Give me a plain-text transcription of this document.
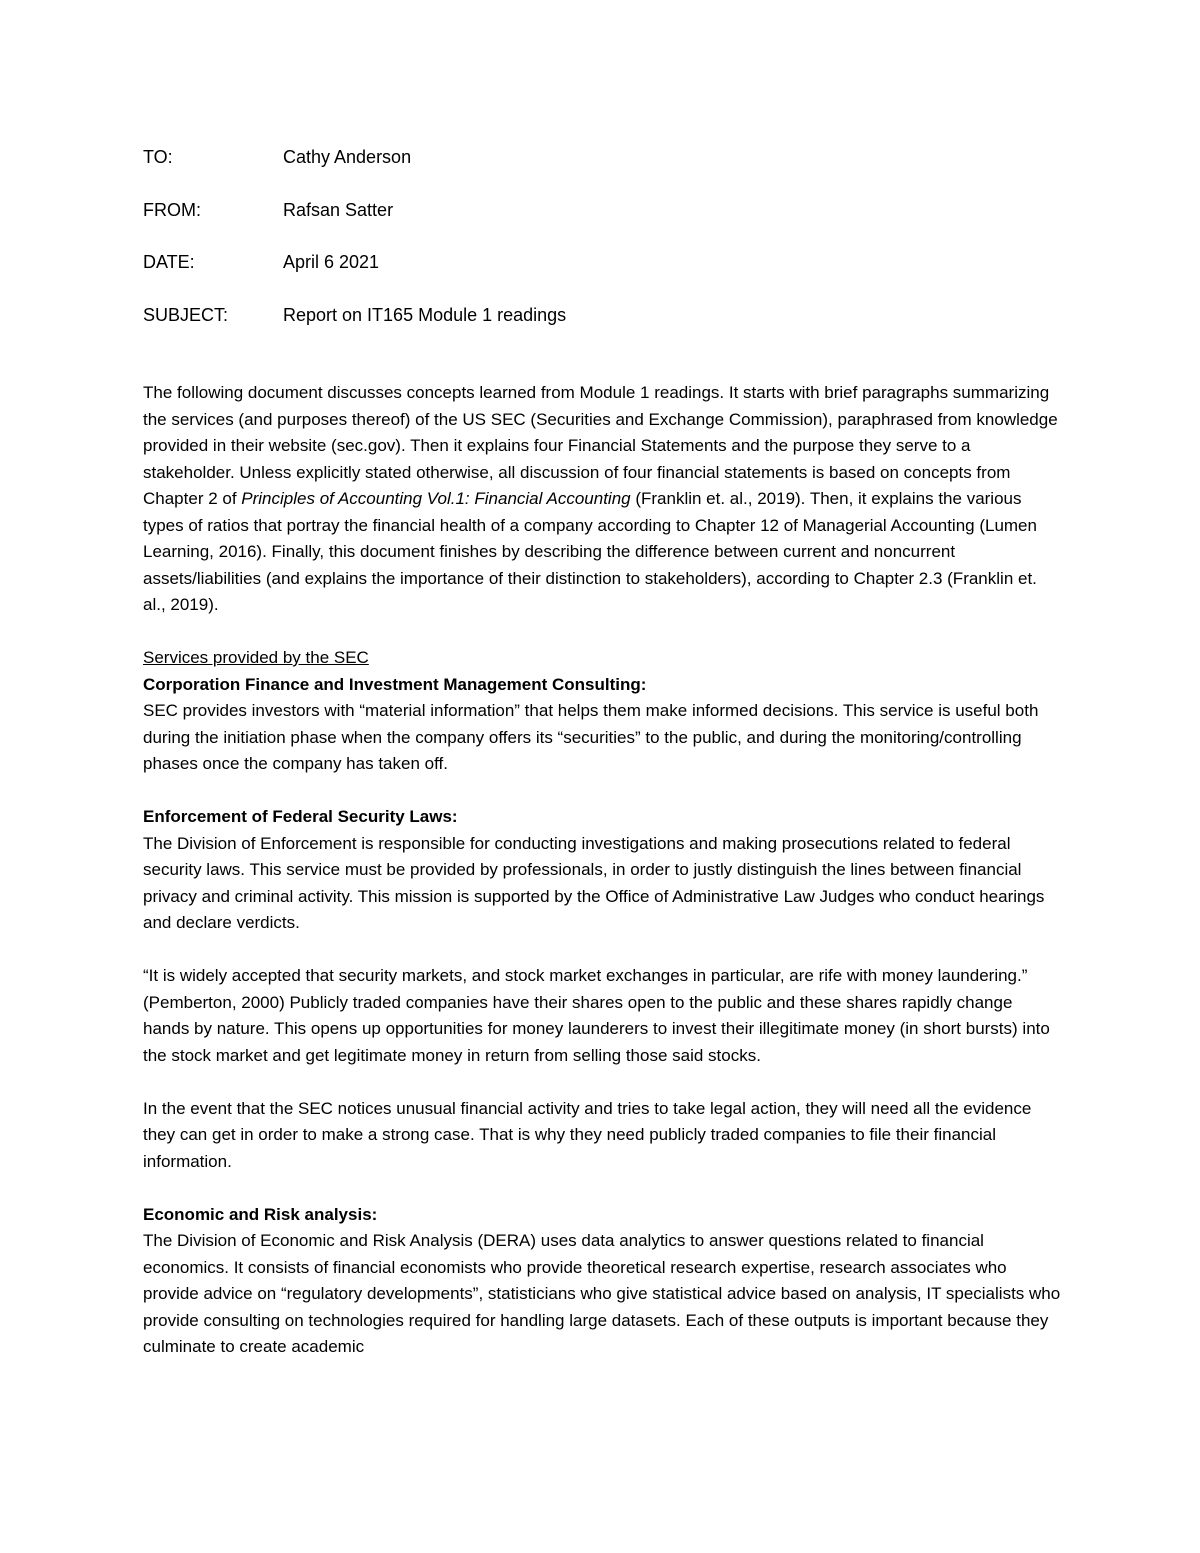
TO:	Cathy Anderson
FROM:	Rafsan Satter
DATE:	April 6 2021
SUBJECT:	Report on IT165 Module 1 readings

The following document discusses concepts learned from Module 1 readings. It starts with brief paragraphs summarizing the services (and purposes thereof) of the US SEC (Securities and Exchange Commission), paraphrased from knowledge provided in their website (sec.gov). Then it explains four Financial Statements and the purpose they serve to a stakeholder. Unless explicitly stated otherwise, all discussion of four financial statements is based on concepts from Chapter 2 of Principles of Accounting Vol.1: Financial Accounting (Franklin et. al., 2019). Then, it explains the various types of ratios that portray the financial health of a company according to Chapter 12 of Managerial Accounting (Lumen Learning, 2016). Finally, this document finishes by describing the difference between current and noncurrent assets/liabilities (and explains the importance of their distinction to stakeholders), according to Chapter 2.3 (Franklin et. al., 2019).

Services provided by the SEC
Corporation Finance and Investment Management Consulting:
SEC provides investors with “material information” that helps them make informed decisions. This service is useful both during the initiation phase when the company offers its “securities” to the public, and during the monitoring/controlling phases once the company has taken off.
Enforcement of Federal Security Laws:
The Division of Enforcement is responsible for conducting investigations and making prosecutions related to federal security laws. This service must be provided by professionals, in order to justly distinguish the lines between financial privacy and criminal activity. This mission is supported by the Office of Administrative Law Judges who conduct hearings and declare verdicts.

“It is widely accepted that security markets, and stock market exchanges in particular, are rife with money laundering.” (Pemberton, 2000) Publicly traded companies have their shares open to the public and these shares rapidly change hands by nature. This opens up opportunities for money launderers to invest their illegitimate money (in short bursts) into the stock market and get legitimate money in return from selling those said stocks.

In the event that the SEC notices unusual financial activity and tries to take legal action, they will need all the evidence they can get in order to make a strong case. That is why they need publicly traded companies to file their financial information.

Economic and Risk analysis:
The Division of Economic and Risk Analysis (DERA) uses data analytics to answer questions related to financial economics. It consists of financial economists who provide theoretical research expertise, research associates who provide advice on “regulatory developments”, statisticians who give statistical advice based on analysis, IT specialists who provide consulting on technologies required for handling large datasets. Each of these outputs is important because they culminate to create academic
